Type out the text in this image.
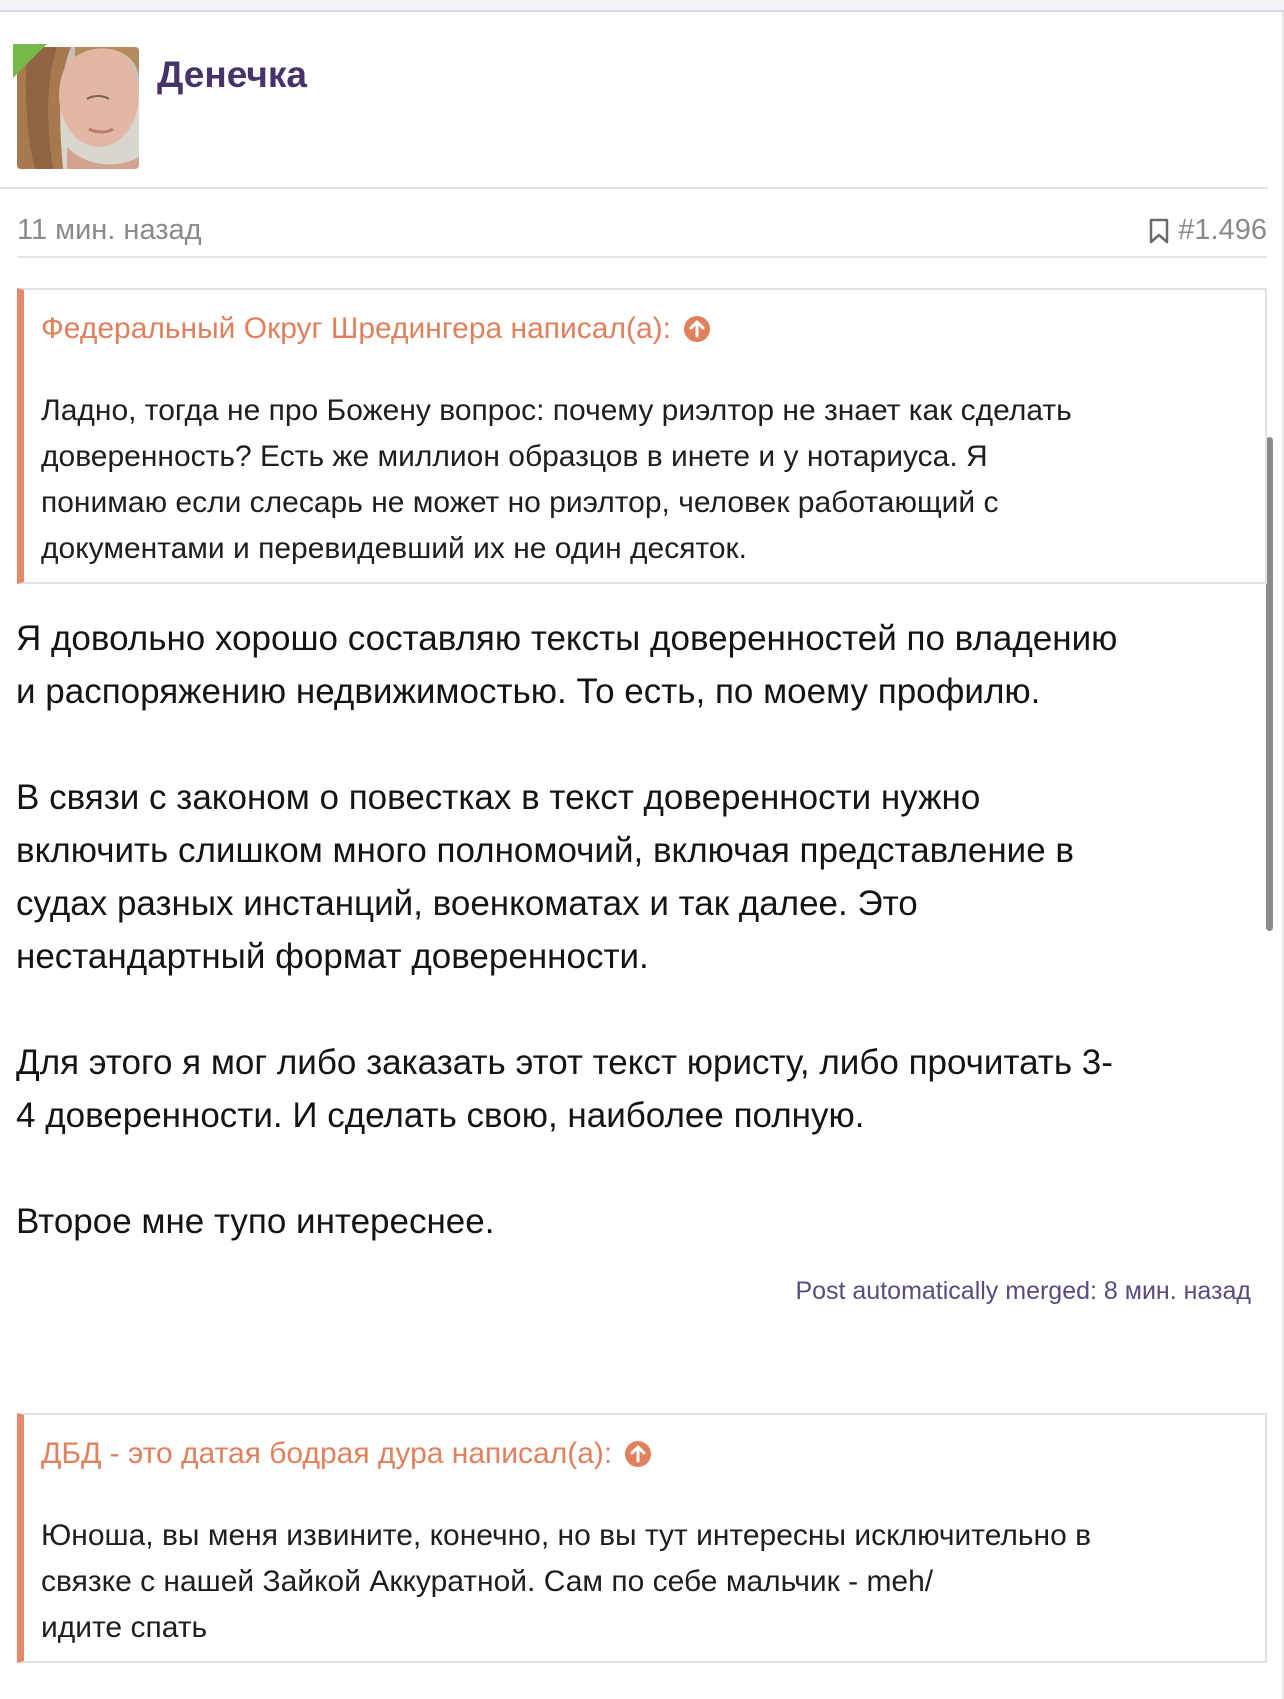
Денечка
11 мин. назад	#1.496
Федеральный Округ Шредингера написал(а):
Ладно, тогда не про Божену вопрос: почему риэлтор не знает как сделать
доверенность? Есть же миллион образцов в инете и у нотариуса. Я
понимаю если слесарь не может но риэлтор, человек работающий с
документами и перевидевший их не один десяток.

Я довольно хорошо составляю тексты доверенностей по владению
и распоряжению недвижимостью. То есть, по моему профилю.

В связи с законом о повестках в текст доверенности нужно
включить слишком много полномочий, включая представление в
судах разных инстанций, военкоматах и так далее. Это
нестандартный формат доверенности.

Для этого я мог либо заказать этот текст юристу, либо прочитать 3-
4 доверенности. И сделать свою, наиболее полную.

Второе мне тупо интереснее.

Post automatically merged: 8 мин. назад
ДБД - это датая бодрая дура написал(а):
Юноша, вы меня извините, конечно, но вы тут интересны исключительно в
связке с нашей Зайкой Аккуратной. Сам по себе мальчик - meh/
идите спать
